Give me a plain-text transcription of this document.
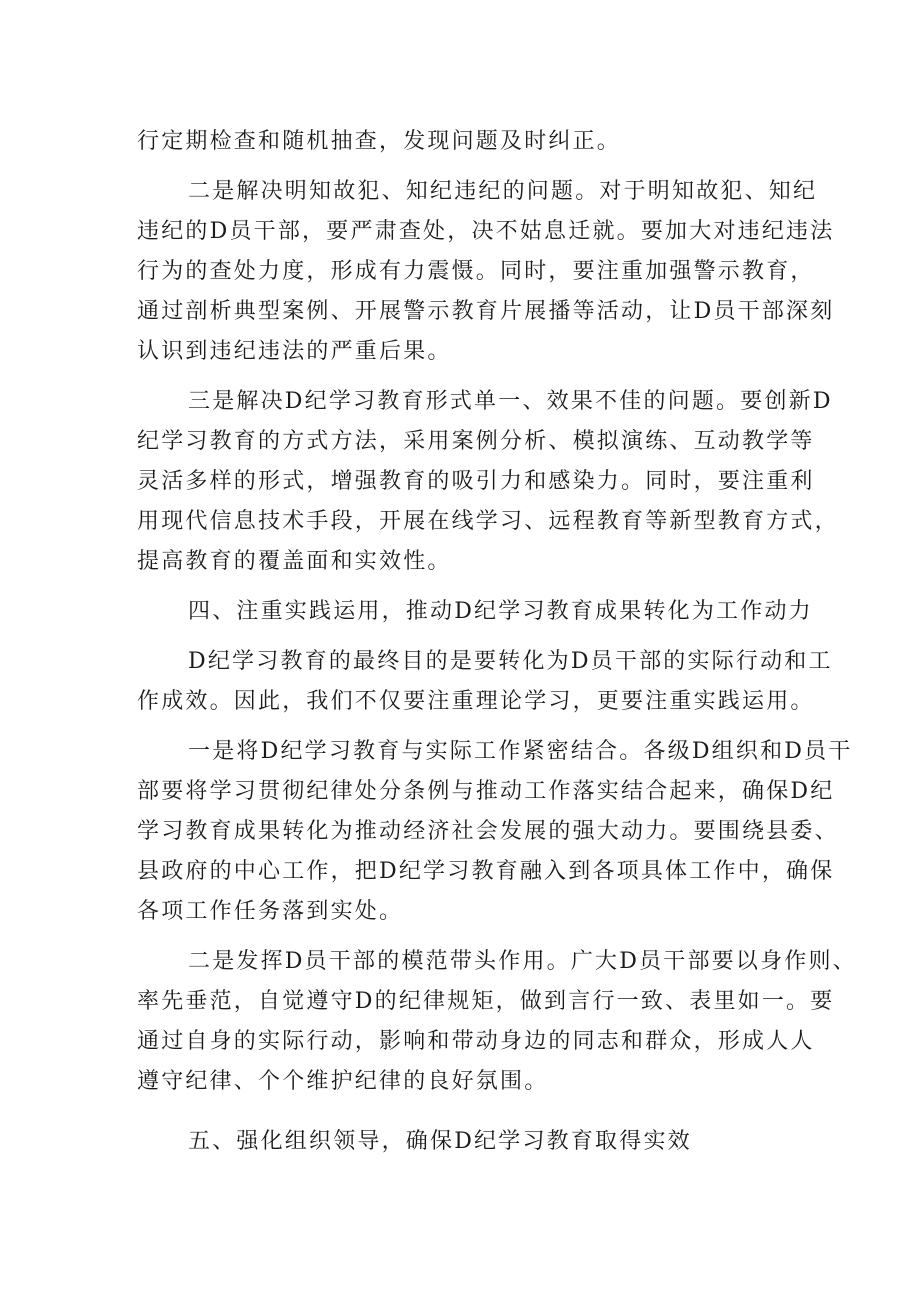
行定期检查和随机抽查，发现问题及时纠正。
二是解决明知故犯、知纪违纪的问题。对于明知故犯、知纪
违纪的D员干部，要严肃查处，决不姑息迁就。要加大对违纪违法
行为的查处力度，形成有力震慑。同时，要注重加强警示教育，
通过剖析典型案例、开展警示教育片展播等活动，让D员干部深刻
认识到违纪违法的严重后果。
三是解决D纪学习教育形式单一、效果不佳的问题。要创新D
纪学习教育的方式方法，采用案例分析、模拟演练、互动教学等
灵活多样的形式，增强教育的吸引力和感染力。同时，要注重利
用现代信息技术手段，开展在线学习、远程教育等新型教育方式，
提高教育的覆盖面和实效性。
四、注重实践运用，推动D纪学习教育成果转化为工作动力
D纪学习教育的最终目的是要转化为D员干部的实际行动和工
作成效。因此，我们不仅要注重理论学习，更要注重实践运用。
一是将D纪学习教育与实际工作紧密结合。各级D组织和D员干
部要将学习贯彻纪律处分条例与推动工作落实结合起来，确保D纪
学习教育成果转化为推动经济社会发展的强大动力。要围绕县委、
县政府的中心工作，把D纪学习教育融入到各项具体工作中，确保
各项工作任务落到实处。
二是发挥D员干部的模范带头作用。广大D员干部要以身作则、
率先垂范，自觉遵守D的纪律规矩，做到言行一致、表里如一。要
通过自身的实际行动，影响和带动身边的同志和群众，形成人人
遵守纪律、个个维护纪律的良好氛围。
五、强化组织领导，确保D纪学习教育取得实效
